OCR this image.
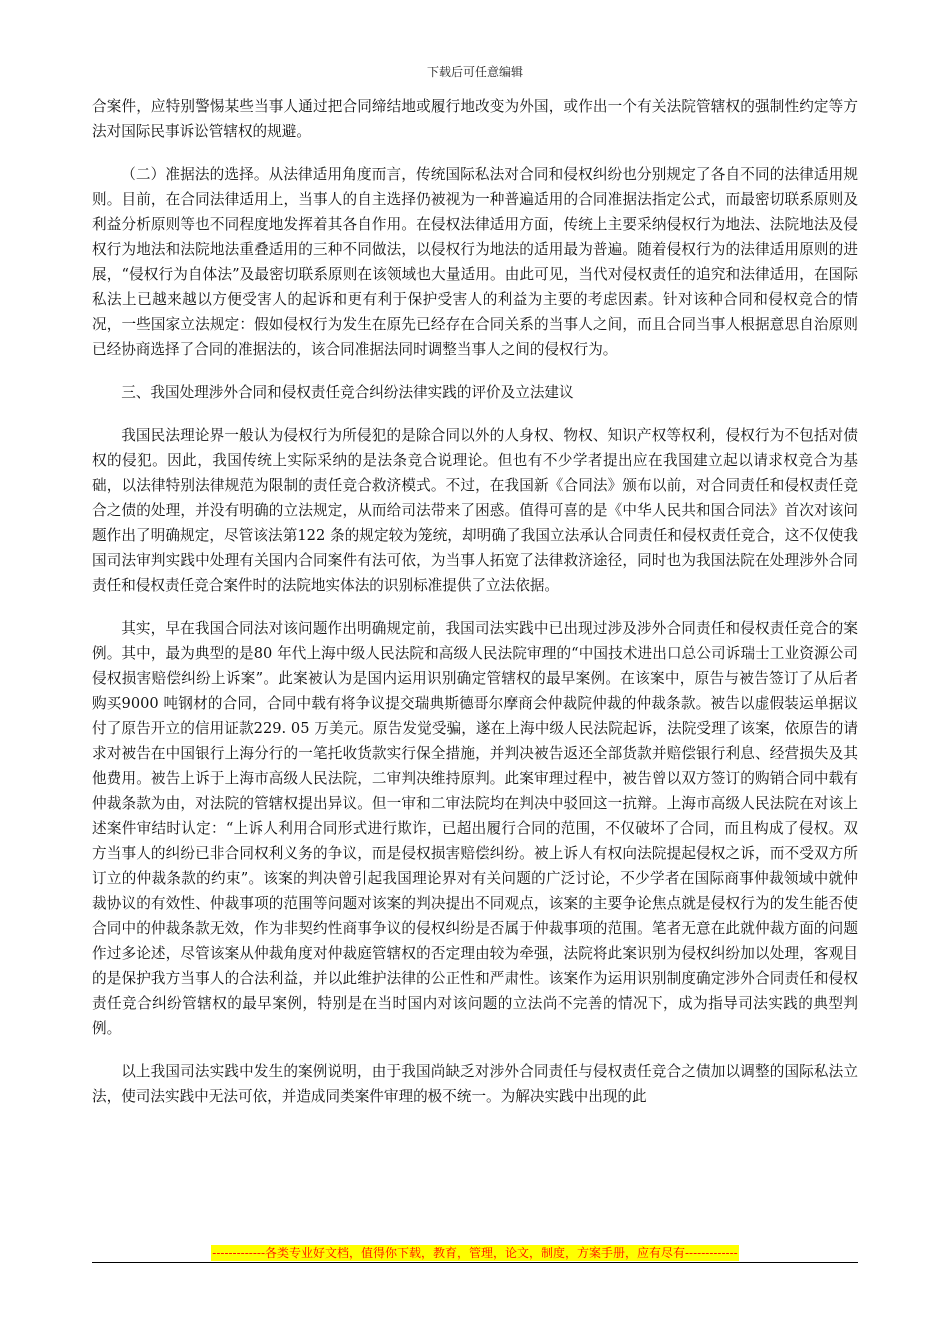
下载后可任意编辑

合案件，应特别警惕某些当事人通过把合同缔结地或履行地改变为外国，或作出一个有关法院管辖权的强制性约定等方法对国际民事诉讼管辖权的规避。

（二）准据法的选择。从法律适用角度而言，传统国际私法对合同和侵权纠纷也分别规定了各自不同的法律适用规则。目前，在合同法律适用上，当事人的自主选择仍被视为一种普遍适用的合同准据法指定公式，而最密切联系原则及利益分析原则等也不同程度地发挥着其各自作用。在侵权法律适用方面，传统上主要采纳侵权行为地法、法院地法及侵权行为地法和法院地法重叠适用的三种不同做法，以侵权行为地法的适用最为普遍。随着侵权行为的法律适用原则的进展，“侵权行为自体法”及最密切联系原则在该领域也大量适用。由此可见，当代对侵权责任的追究和法律适用，在国际私法上已越来越以方便受害人的起诉和更有利于保护受害人的利益为主要的考虑因素。针对该种合同和侵权竞合的情况，一些国家立法规定：假如侵权行为发生在原先已经存在合同关系的当事人之间，而且合同当事人根据意思自治原则已经协商选择了合同的准据法的，该合同准据法同时调整当事人之间的侵权行为。

三、我国处理涉外合同和侵权责任竞合纠纷法律实践的评价及立法建议

我国民法理论界一般认为侵权行为所侵犯的是除合同以外的人身权、物权、知识产权等权利，侵权行为不包括对债权的侵犯。因此，我国传统上实际采纳的是法条竞合说理论。但也有不少学者提出应在我国建立起以请求权竞合为基础，以法律特别法律规范为限制的责任竞合救济模式。不过，在我国新《合同法》颁布以前，对合同责任和侵权责任竞合之债的处理，并没有明确的立法规定，从而给司法带来了困惑。值得可喜的是《中华人民共和国合同法》首次对该问题作出了明确规定，尽管该法第122 条的规定较为笼统，却明确了我国立法承认合同责任和侵权责任竞合，这不仅使我国司法审判实践中处理有关国内合同案件有法可依，为当事人拓宽了法律救济途径，同时也为我国法院在处理涉外合同责任和侵权责任竞合案件时的法院地实体法的识别标准提供了立法依据。

其实，早在我国合同法对该问题作出明确规定前，我国司法实践中已出现过涉及涉外合同责任和侵权责任竞合的案例。其中，最为典型的是80 年代上海中级人民法院和高级人民法院审理的“中国技术进出口总公司诉瑞士工业资源公司侵权损害赔偿纠纷上诉案”。此案被认为是国内运用识别确定管辖权的最早案例。在该案中，原告与被告签订了从后者购买9000 吨钢材的合同，合同中载有将争议提交瑞典斯德哥尔摩商会仲裁院仲裁的仲裁条款。被告以虚假装运单据议付了原告开立的信用证款229. 05 万美元。原告发觉受骗，遂在上海中级人民法院起诉，法院受理了该案，依原告的请求对被告在中国银行上海分行的一笔托收货款实行保全措施，并判决被告返还全部货款并赔偿银行利息、经营损失及其他费用。被告上诉于上海市高级人民法院，二审判决维持原判。此案审理过程中，被告曾以双方签订的购销合同中载有仲裁条款为由，对法院的管辖权提出异议。但一审和二审法院均在判决中驳回这一抗辩。上海市高级人民法院在对该上述案件审结时认定：“上诉人利用合同形式进行欺诈，已超出履行合同的范围，不仅破坏了合同，而且构成了侵权。双方当事人的纠纷已非合同权利义务的争议，而是侵权损害赔偿纠纷。被上诉人有权向法院提起侵权之诉，而不受双方所订立的仲裁条款的约束”。该案的判决曾引起我国理论界对有关问题的广泛讨论，不少学者在国际商事仲裁领域中就仲裁协议的有效性、仲裁事项的范围等问题对该案的判决提出不同观点，该案的主要争论焦点就是侵权行为的发生能否使合同中的仲裁条款无效，作为非契约性商事争议的侵权纠纷是否属于仲裁事项的范围。笔者无意在此就仲裁方面的问题作过多论述，尽管该案从仲裁角度对仲裁庭管辖权的否定理由较为牵强，法院将此案识别为侵权纠纷加以处理，客观目的是保护我方当事人的合法利益，并以此维护法律的公正性和严肃性。该案作为运用识别制度确定涉外合同责任和侵权责任竞合纠纷管辖权的最早案例，特别是在当时国内对该问题的立法尚不完善的情况下，成为指导司法实践的典型判例。

以上我国司法实践中发生的案例说明，由于我国尚缺乏对涉外合同责任与侵权责任竞合之债加以调整的国际私法立法，使司法实践中无法可依，并造成同类案件审理的极不统一。为解决实践中出现的此

-------------各类专业好文档，值得你下载，教育，管理，论文，制度，方案手册，应有尽有-------------
